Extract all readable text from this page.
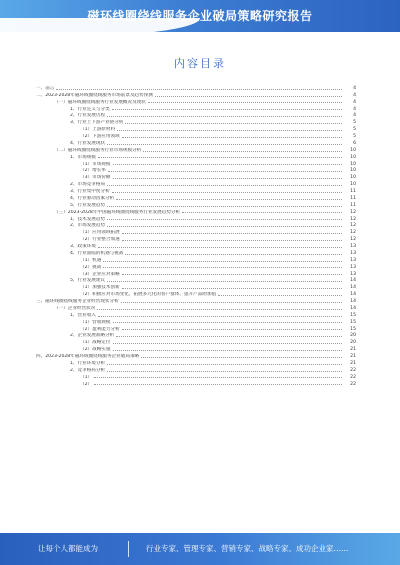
磁环线圈绕线服务企业破局策略研究报告
内容目录
一、前言	4
二、2023-2028年磁环线圈绕线服务市场前景及趋势预测	4
（一）磁环线圈绕线服务行业发展概况及现状	4
1、行业定义与分类	4
2、行业发展历程	4
3、行业上下游产业链分析	5
（1）上游原材料	5
（2）下游应用领域	5
4、行业发展现状	6
（二）磁环线圈绕线服务行业市场规模分析	10
1、市场规模	10
（1）市场规模	10
（2）增长率	10
（3）市场份额	10
2、市场竞争格局	10
3、行业集中度分析	11
4、行业驱动因素分析	11
5、行业发展趋势	11
（三）2023-2028年中国磁环线圈绕线服务行业发展趋势分析	12
1、技术发展趋势	12
2、市场发展趋势	12
（1）应用领域拓展	12
（2）行业整合加速	12
3、政策环境	13
4、行业面临的机遇与挑战	13
（1）机遇	13
（2）挑战	13
（3）企业应对策略	13
5、行业发展建议	14
（1）加强技术创新	14
（2）积极应对市场变化，拓展多元化的客户群体，提升产品附加值	14
三、磁环线圈绕线服务企业经营现状分析	14
（一）企业经营状况	14
1、营业收入	15
（1）营收规模	15
（2）盈利能力分析	15
2、企业发展战略分析	20
（1）战略定位	20
（2）战略实施	21
四、2023-2028年磁环线圈绕线服务企业破局策略	21
1、行业环境分析	21
2、竞争格局分析	22
（1）	22
（2）	22
让每个人都能成为	行业专家、管理专家、营销专家、战略专家、成功企业家……
